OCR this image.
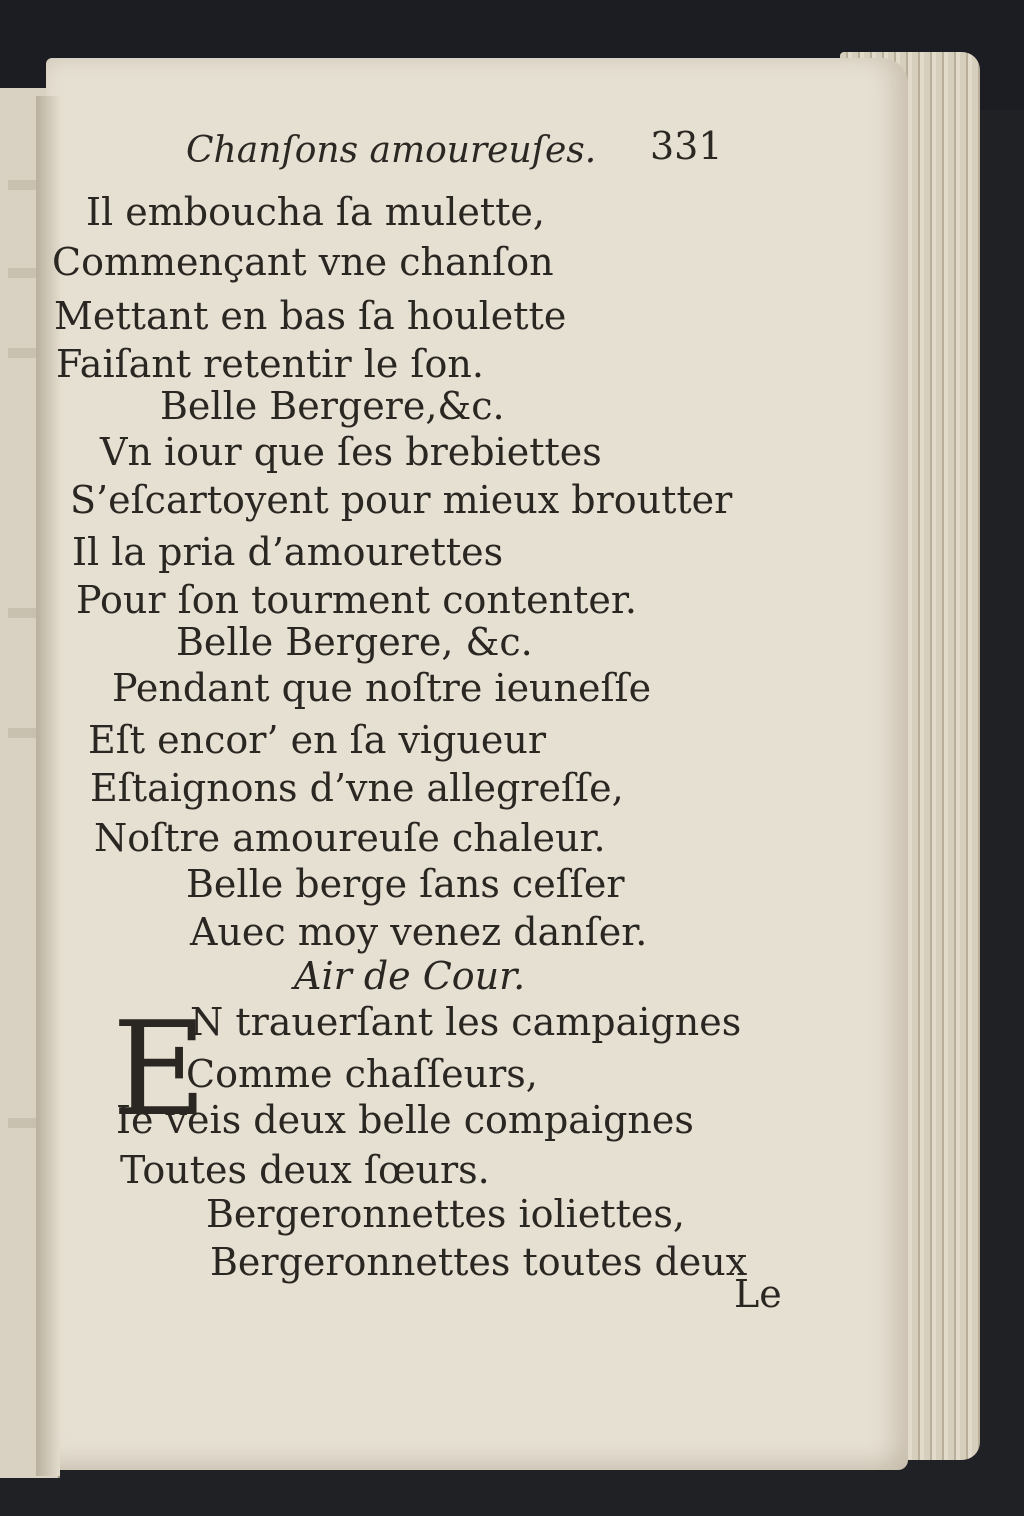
Chanſons amoureuſes. 331
Il emboucha ſa mulette,
Commençant vne chanſon
Mettant en bas ſa houlette
Faiſant retentir le ſon.
Belle Bergere,&c.
Vn iour que ſes brebiettes
S’eſcartoyent pour mieux broutter
Il la pria d’amourettes
Pour ſon tourment contenter.
Belle Bergere, &c.
Pendant que noſtre ieuneſſe
Eſt encor’ en ſa vigueur
Eſtaignons d’vne allegreſſe,
Noſtre amoureuſe chaleur.
Belle berge ſans ceſſer
Auec moy venez danſer.
Air de Cour.
E
N trauerſant les campaignes
Comme chaſſeurs,
Ie veis deux belle compaignes
Toutes deux ſœurs.
Bergeronnettes ioliettes,
Bergeronnettes toutes deux
Le
